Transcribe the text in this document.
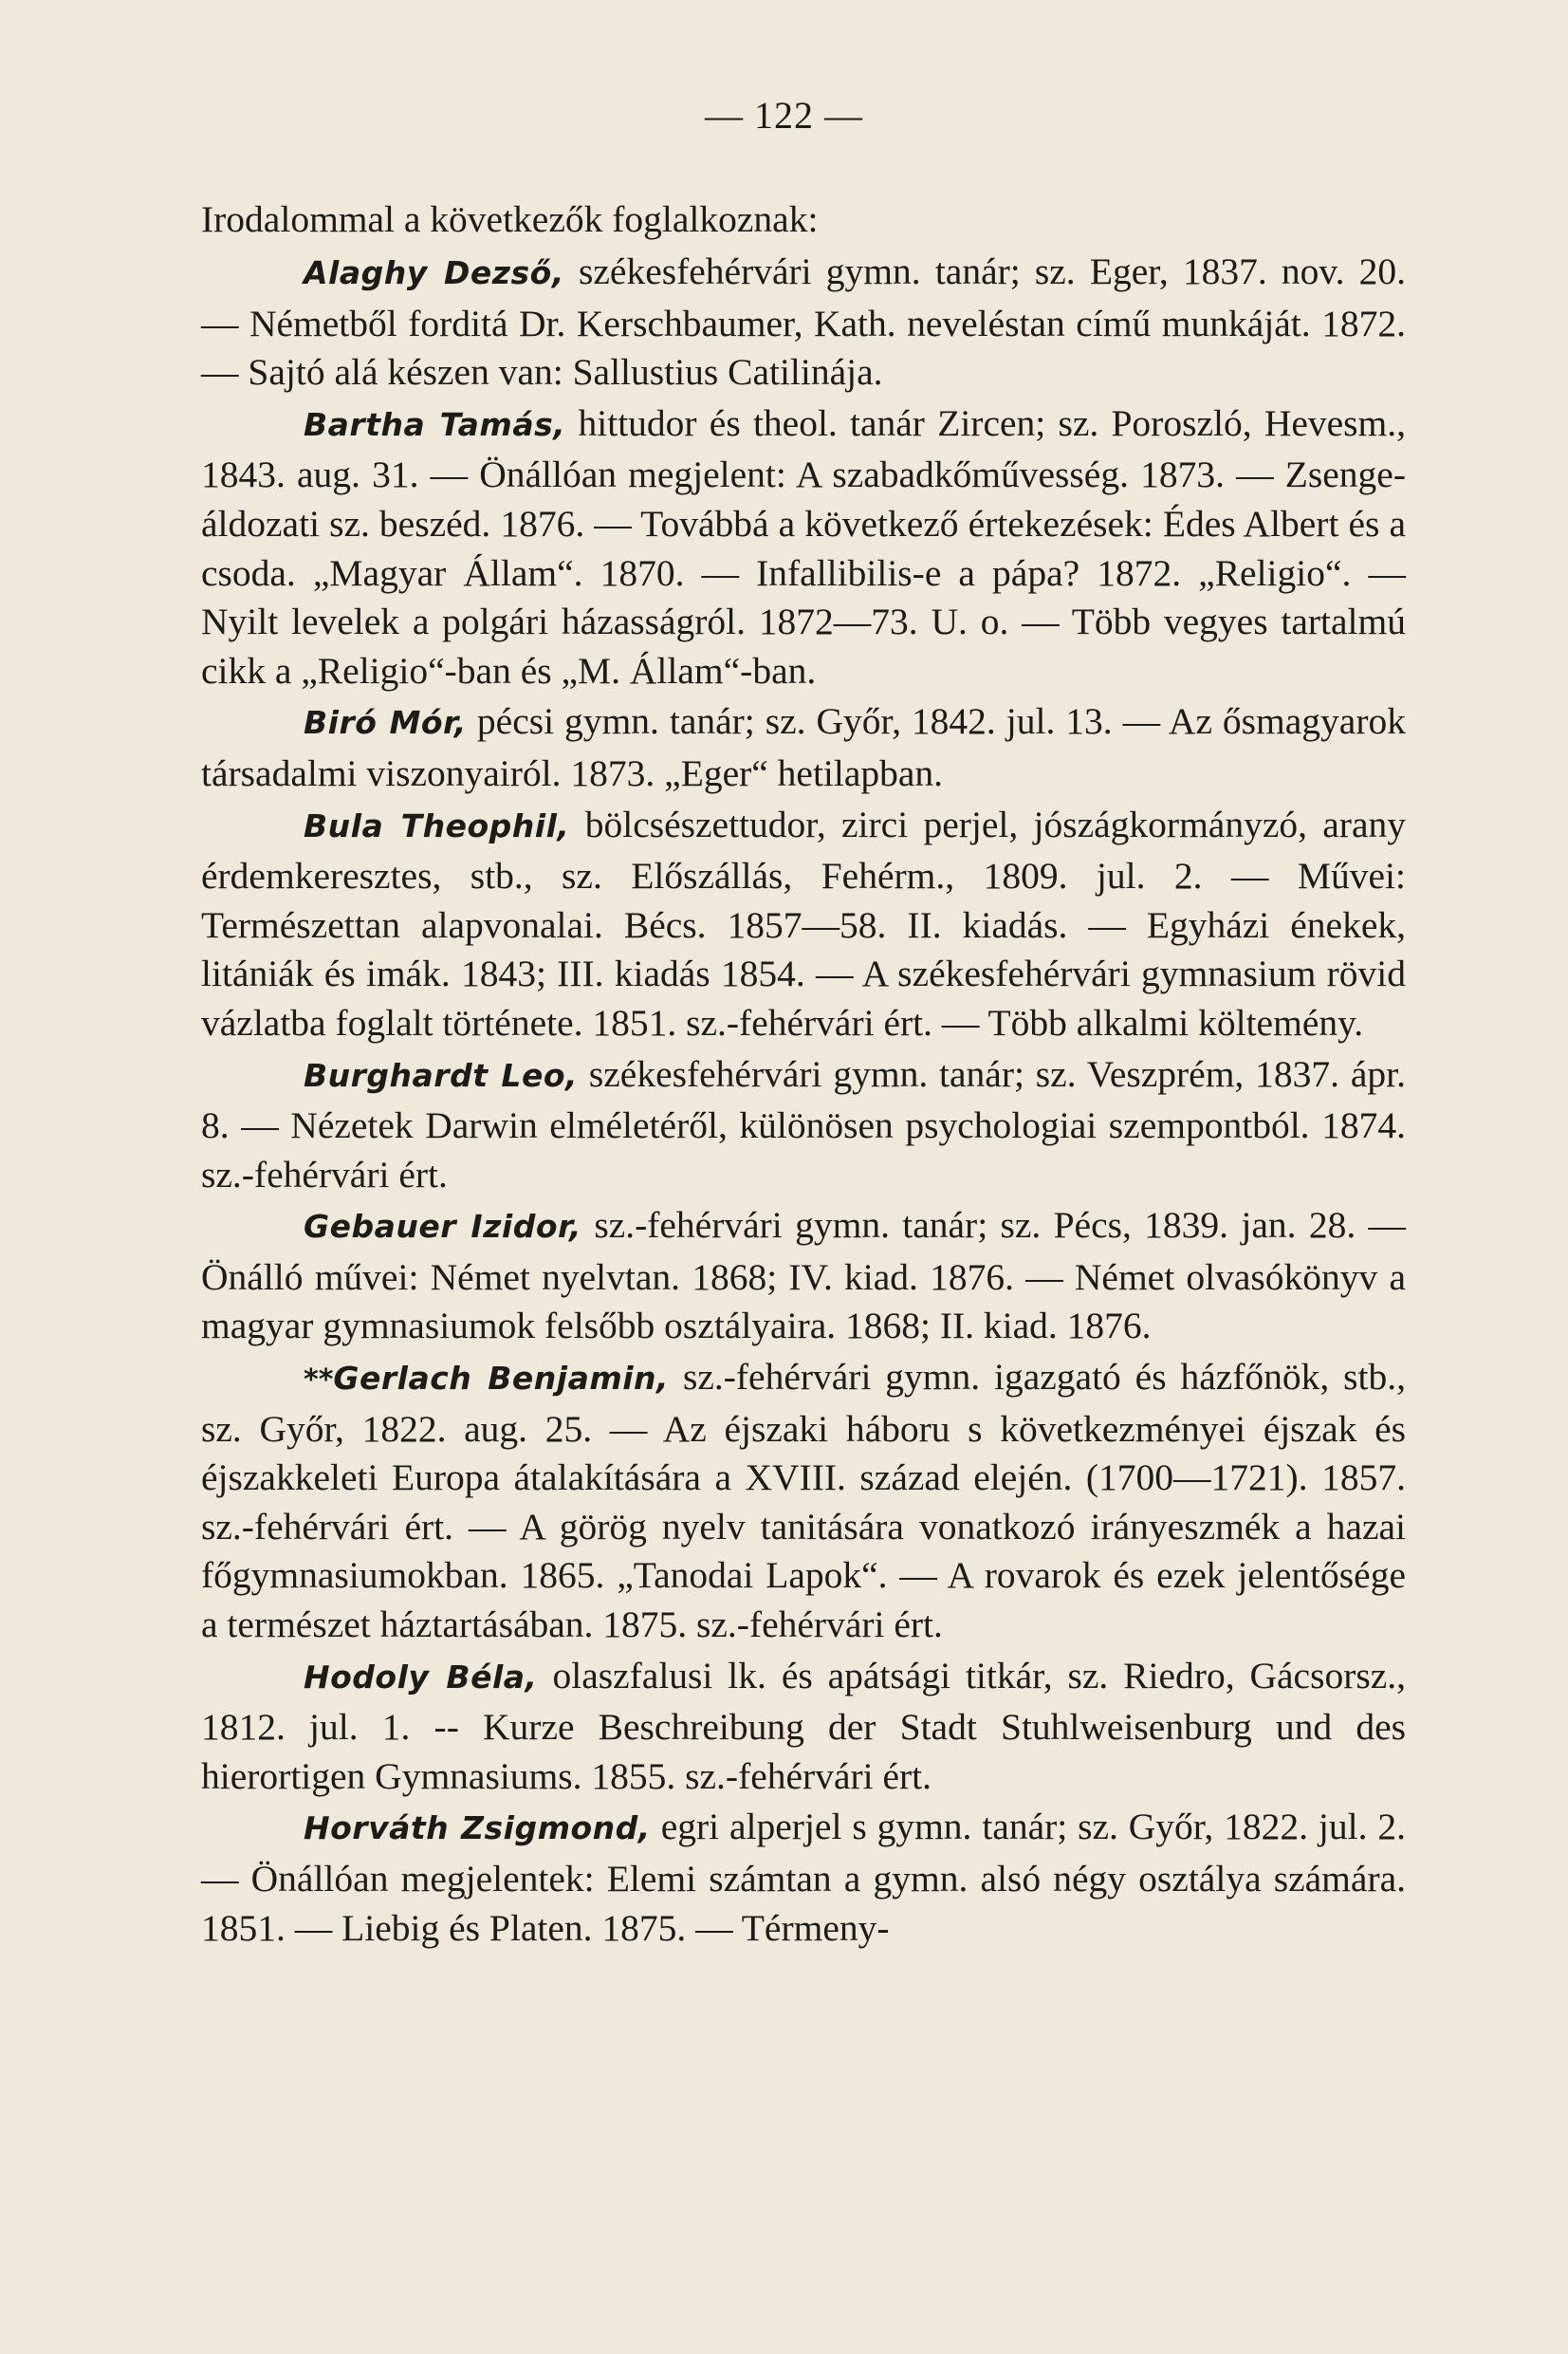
— 122 —

Irodalommal a következők foglalkoznak:

Alaghy Dezső, székesfehérvári gymn. tanár; sz. Eger, 1837. nov. 20. — Németből forditá Dr. Kerschbaumer, Kath. neveléstan című munkáját. 1872. — Sajtó alá készen van: Sallustius Catilinája.

Bartha Tamás, hittudor és theol. tanár Zircen; sz. Poroszló, Hevesm., 1843. aug. 31. — Önállóan megjelent: A szabadkőművesség. 1873. — Zsenge-áldozati sz. beszéd. 1876. — Továbbá a következő értekezések: Édes Albert és a csoda. „Magyar Állam“. 1870. — Infallibilis-e a pápa? 1872. „Religio“. — Nyilt levelek a polgári házasságról. 1872—73. U. o. — Több vegyes tartalmú cikk a „Religio“-ban és „M. Állam“-ban.

Biró Mór, pécsi gymn. tanár; sz. Győr, 1842. jul. 13. — Az ősmagyarok társadalmi viszonyairól. 1873. „Eger“ hetilapban.

Bula Theophil, bölcsészettudor, zirci perjel, jószágkormányzó, arany érdemkeresztes, stb., sz. Előszállás, Fehérm., 1809. jul. 2. — Művei: Természettan alapvonalai. Bécs. 1857—58. II. kiadás. — Egyházi énekek, litániák és imák. 1843; III. kiadás 1854. — A székesfehérvári gymnasium rövid vázlatba foglalt története. 1851. sz.-fehérvári ért. — Több alkalmi költemény.

Burghardt Leo, székesfehérvári gymn. tanár; sz. Veszprém, 1837. ápr. 8. — Nézetek Darwin elméletéről, különösen psychologiai szempontból. 1874. sz.-fehérvári ért.

Gebauer Izidor, sz.-fehérvári gymn. tanár; sz. Pécs, 1839. jan. 28. — Önálló művei: Német nyelvtan. 1868; IV. kiad. 1876. — Német olvasókönyv a magyar gymnasiumok felsőbb osztályaira. 1868; II. kiad. 1876.

**Gerlach Benjamin, sz.-fehérvári gymn. igazgató és házfőnök, stb., sz. Győr, 1822. aug. 25. — Az éjszaki háboru s következményei éjszak és éjszakkeleti Europa átalakítására a XVIII. század elején. (1700—1721). 1857. sz.-fehérvári ért. — A görög nyelv tanitására vonatkozó irányeszmék a hazai főgymnasiumokban. 1865. „Tanodai Lapok“. — A rovarok és ezek jelentősége a természet háztartásában. 1875. sz.-fehérvári ért.

Hodoly Béla, olaszfalusi lk. és apátsági titkár, sz. Riedro, Gácsorsz., 1812. jul. 1. -- Kurze Beschreibung der Stadt Stuhlweisenburg und des hierortigen Gymnasiums. 1855. sz.-fehérvári ért.

Horváth Zsigmond, egri alperjel s gymn. tanár; sz. Győr, 1822. jul. 2. — Önállóan megjelentek: Elemi számtan a gymn. alsó négy osztálya számára. 1851. — Liebig és Platen. 1875. — Térmeny-
